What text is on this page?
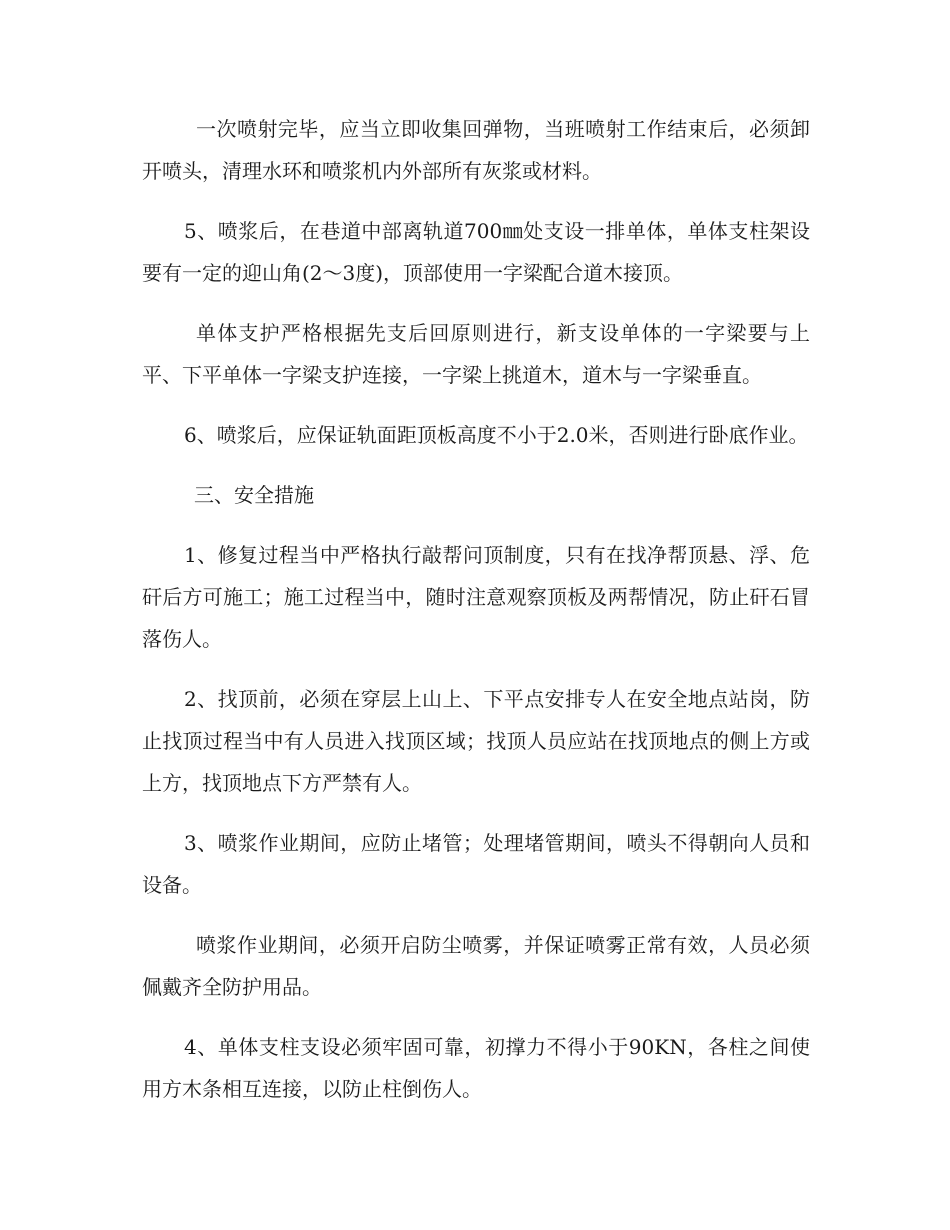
一次喷射完毕，应当立即收集回弹物，当班喷射工作结束后，必须卸开喷头，清理水环和喷浆机内外部所有灰浆或材料。

5、喷浆后，在巷道中部离轨道700㎜处支设一排单体，单体支柱架设要有一定的迎山角(2～3度)，顶部使用一字梁配合道木接顶。

单体支护严格根据先支后回原则进行，新支设单体的一字梁要与上平、下平单体一字梁支护连接，一字梁上挑道木，道木与一字梁垂直。

6、喷浆后，应保证轨面距顶板高度不小于2.0米，否则进行卧底作业。

三、安全措施

1、修复过程当中严格执行敲帮问顶制度，只有在找净帮顶悬、浮、危矸后方可施工；施工过程当中，随时注意观察顶板及两帮情况，防止矸石冒落伤人。

2、找顶前，必须在穿层上山上、下平点安排专人在安全地点站岗，防止找顶过程当中有人员进入找顶区域；找顶人员应站在找顶地点的侧上方或上方，找顶地点下方严禁有人。

3、喷浆作业期间，应防止堵管；处理堵管期间，喷头不得朝向人员和设备。

喷浆作业期间，必须开启防尘喷雾，并保证喷雾正常有效，人员必须佩戴齐全防护用品。

4、单体支柱支设必须牢固可靠，初撑力不得小于90KN，各柱之间使用方木条相互连接，以防止柱倒伤人。
